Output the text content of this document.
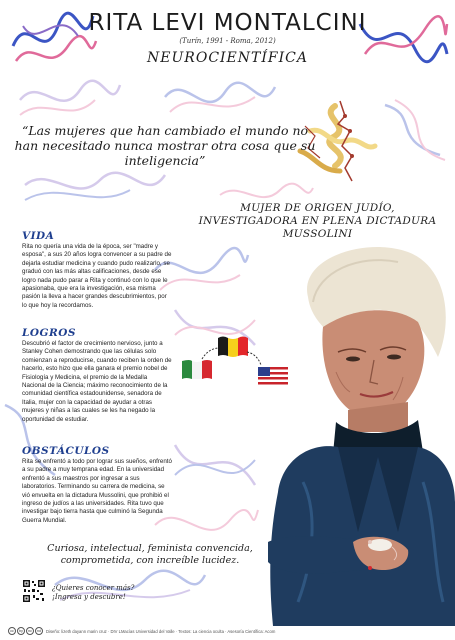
RITA LEVI MONTALCINI
(Turín, 1991 - Roma, 2012)
NEUROCIENTÍFICA

“Las mujeres que han cambiado el mundo no han necesitado nunca mostrar otra cosa que su inteligencia”

MUJER DE ORIGEN JUDÍO, INVESTIGADORA EN PLENA DICTADURA MUSSOLINI
VIDA

Rita no quería una vida de la época, ser "madre y esposa", a sus 20 años logra convencer a su padre de dejarla estudiar medicina y cuando pudo realizarlo, se graduó con las más altas calificaciones, desde ese logro nada pudo parar a Rita y continuó con lo que le apasionaba, que era la investigación, esa misma pasión la lleva a hacer grandes descubrimientos, por lo que hoy la recordamos.

LOGROS

Descubrió el factor de crecimiento nervioso, junto a Stanley Cohen demostrando que las células solo comienzan a reproducirse, cuando reciben la orden de hacerlo, esto hizo que ella ganara el premio nobel de Fisiología y Medicina, el premio de la Medalla Nacional de la Ciencia; máximo reconocimiento de la comunidad científica estadounidense, senadora de Italia, mujer con la capacidad de ayudar a otras mujeres y niñas a las cuales se les ha negado la oportunidad de estudiar.

OBSTÁCULOS

Rita se enfrentó a todo por lograr sus sueños, enfrentó a su padre a muy temprana edad. En la universidad enfrentó a sus maestros por ingresar a sus laboratorios. Terminando su carrera de medicina, se vió envuelta en la dictadura Mussolini, que prohibió el ingreso de judíos a las universidades. Rita tuvo que investigar bajo tierra hasta que culminó la Segunda Guerra Mundial.

Curiosa, intelectual, feminista convencida, comprometida, con increíble lucidez.
¿Quieres conocer más?
¡Ingresa y descubre!
cc	by	nc	nd	Diseño: lizeth dayann marin cruz · DIV LMacías Universidad del Valle · Textos: La ciencia oculta · Asesoría Científica: Acom
